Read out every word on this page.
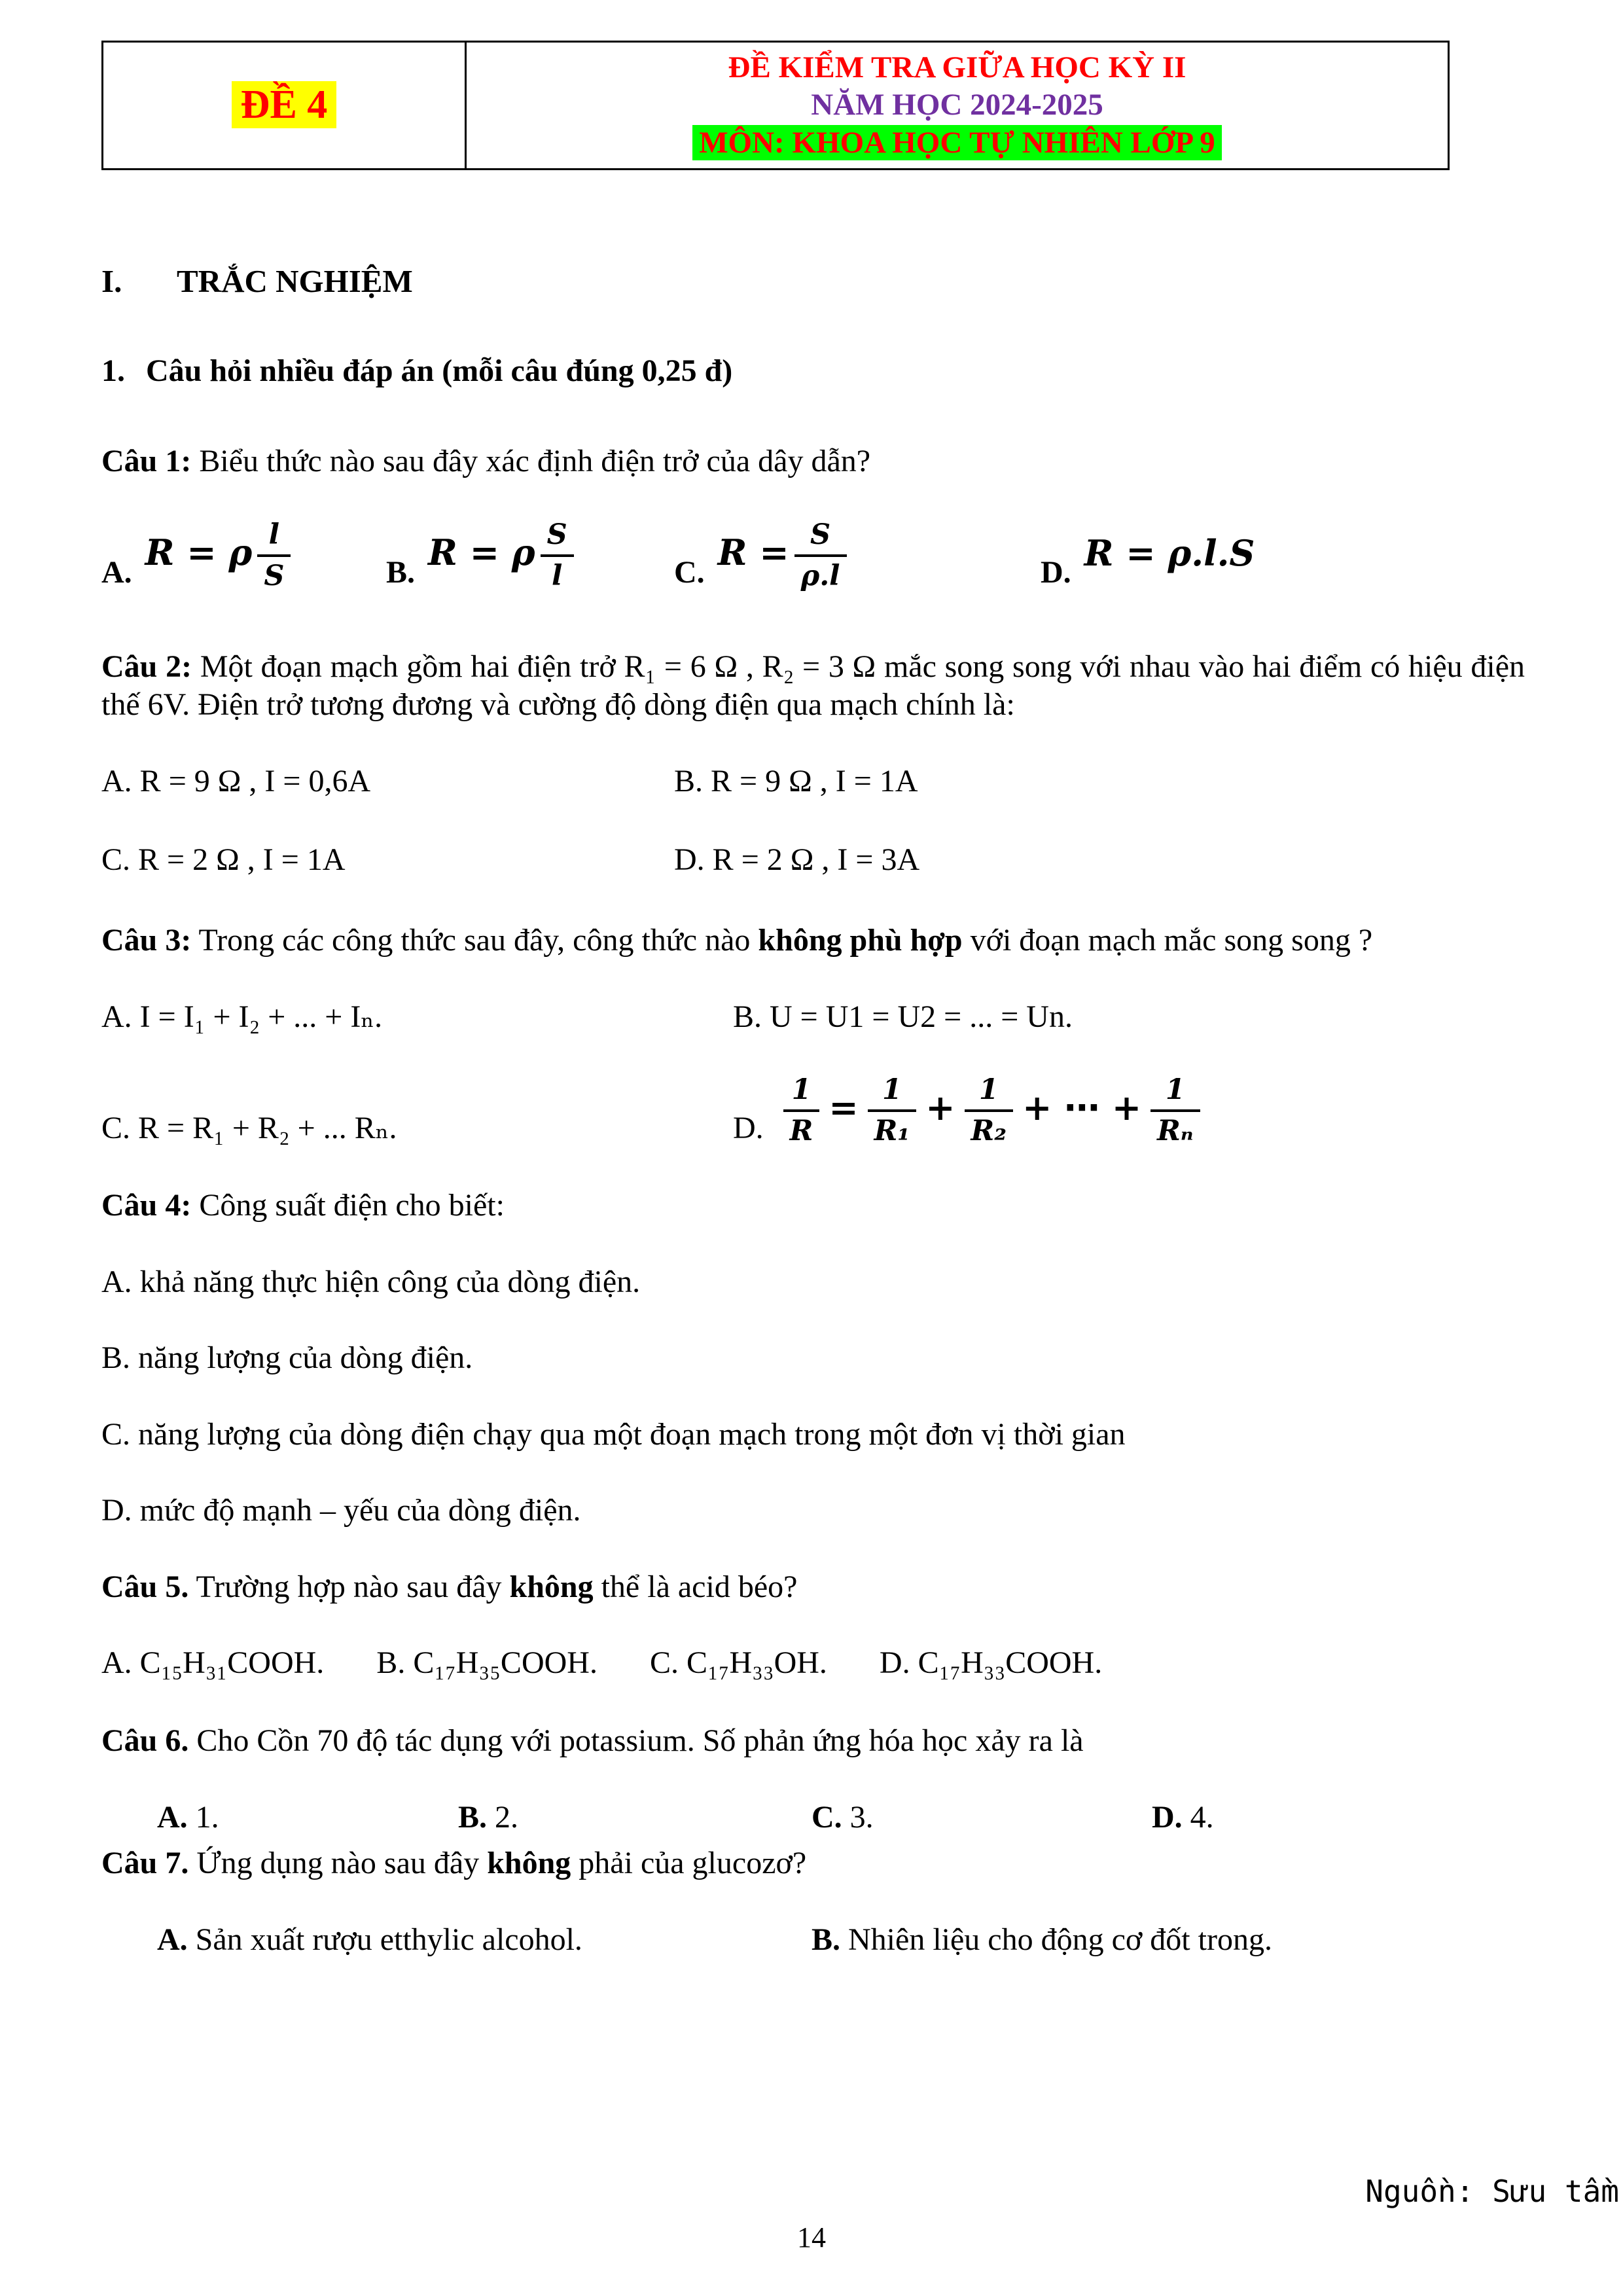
ĐỀ 4	
ĐỀ KIỂM TRA GIỮA HỌC KỲ II
NĂM HỌC 2024-2025
MÔN: KHOA HỌC TỰ NHIÊN LỚP 9
I. TRẮC NGHIỆM
1. Câu hỏi nhiều đáp án (mỗi câu đúng 0,25 đ)

Câu 1: Biểu thức nào sau đây xác định điện trở của dây dẫn?

A. R = ρ $\frac{l}{S}$	B. R = ρ $\frac{S}{l}$	C. $R = \frac{S}{\rho.l}$	D. R = ρ.l.S

Câu 2: Một đoạn mạch gồm hai điện trở R₁ = 6 Ω , R₂ = 3 Ω mắc song song với nhau vào hai điểm có hiệu điện thế 6V. Điện trở tương đương và cường độ dòng điện qua mạch chính là:

A. R = 9 Ω , I = 0,6A	B. R = 9 Ω , I = 1A
C. R = 2 Ω , I = 1A	D. R = 2 Ω , I = 3A

Câu 3: Trong các công thức sau đây, công thức nào không phù hợp với đoạn mạch mắc song song ?

A. I = I₁ + I₂ + ... + Iₙ.	B. U = U1 = U2 = ... = Un.
C. R = R₁ + R₂ + ... Rₙ.	D. $\frac{1}{R} = \frac{1}{\text{R₁}} + \frac{1}{\text{R₂}}$ + ⋯ + $\frac{1}{\text{Rₙ}}$

Câu 4: Công suất điện cho biết:

A. khả năng thực hiện công của dòng điện.
B. năng lượng của dòng điện.
C. năng lượng của dòng điện chạy qua một đoạn mạch trong một đơn vị thời gian
D. mức độ mạnh – yếu của dòng điện.

Câu 5. Trường hợp nào sau đây không thể là acid béo?

A. C₁₅H₃₁COOH. B. C₁₇H₃₅COOH. C. C₁₇H₃₃OH. D. C₁₇H₃₃COOH.

Câu 6. Cho Cồn 70 độ tác dụng với potassium. Số phản ứng hóa học xảy ra là

A. 1.	B. 2.	C. 3.	D. 4.

Câu 7. Ứng dụng nào sau đây không phải của glucozơ?

A. Sản xuất rượu etthylic alcohol.	B. Nhiên liệu cho động cơ đốt trong.
Nguồn: Sưu tầm
14
